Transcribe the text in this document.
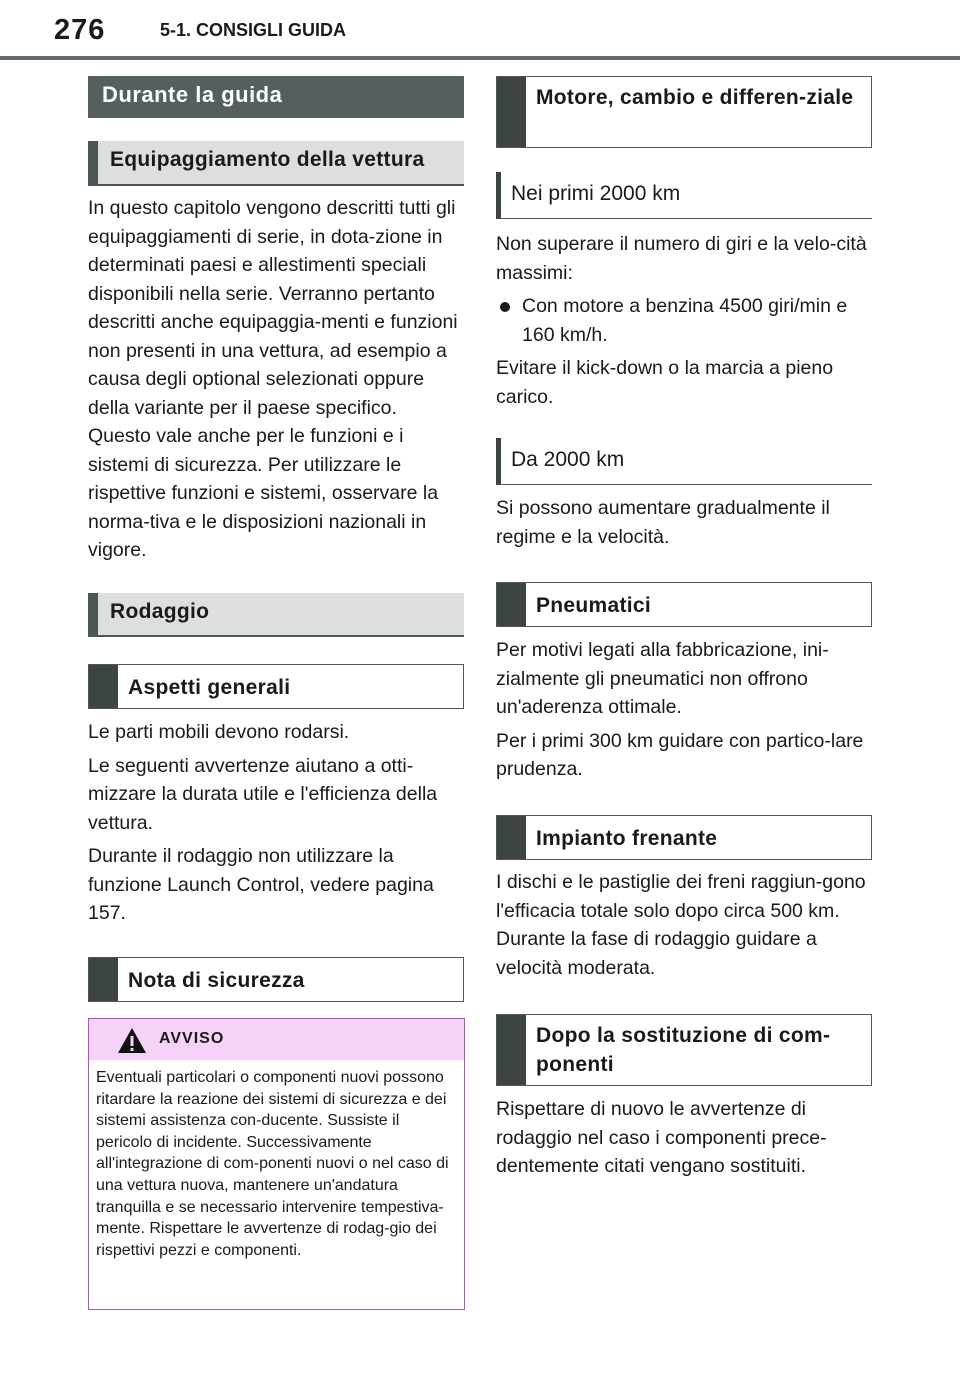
276	5-1. CONSIGLI GUIDA
Durante la guida
Equipaggiamento della vettura

In questo capitolo vengono descritti tutti gli equipaggiamenti di serie, in dota-zione in determinati paesi e allestimenti speciali disponibili nella serie. Verranno pertanto descritti anche equipaggia-menti e funzioni non presenti in una vettura, ad esempio a causa degli optional selezionati oppure della variante per il paese specifico. Questo vale anche per le funzioni e i sistemi di sicurezza. Per utilizzare le rispettive funzioni e sistemi, osservare la norma-tiva e le disposizioni nazionali in vigore.

Rodaggio
Aspetti generali

Le parti mobili devono rodarsi.

Le seguenti avvertenze aiutano a otti-mizzare la durata utile e l'efficienza della vettura.

Durante il rodaggio non utilizzare la funzione Launch Control, vedere pagina 157.

Nota di sicurezza
AVVISO
Eventuali particolari o componenti nuovi possono ritardare la reazione dei sistemi di sicurezza e dei sistemi assistenza con-ducente. Sussiste il pericolo di incidente. Successivamente all'integrazione di com-ponenti nuovi o nel caso di una vettura nuova, mantenere un'andatura tranquilla e se necessario intervenire tempestiva-mente. Rispettare le avvertenze di rodag-gio dei rispettivi pezzi e componenti.
Motore, cambio e differen-ziale
Nei primi 2000 km

Non superare il numero di giri e la velo-cità massimi:

Con motore a benzina 4500 giri/min e 160 km/h.

Evitare il kick-down o la marcia a pieno carico.

Da 2000 km

Si possono aumentare gradualmente il regime e la velocità.

Pneumatici

Per motivi legati alla fabbricazione, ini-zialmente gli pneumatici non offrono un'aderenza ottimale.

Per i primi 300 km guidare con partico-lare prudenza.

Impianto frenante

I dischi e le pastiglie dei freni raggiun-gono l'efficacia totale solo dopo circa 500 km. Durante la fase di rodaggio guidare a velocità moderata.

Dopo la sostituzione di com-ponenti

Rispettare di nuovo le avvertenze di rodaggio nel caso i componenti prece-dentemente citati vengano sostituiti.
